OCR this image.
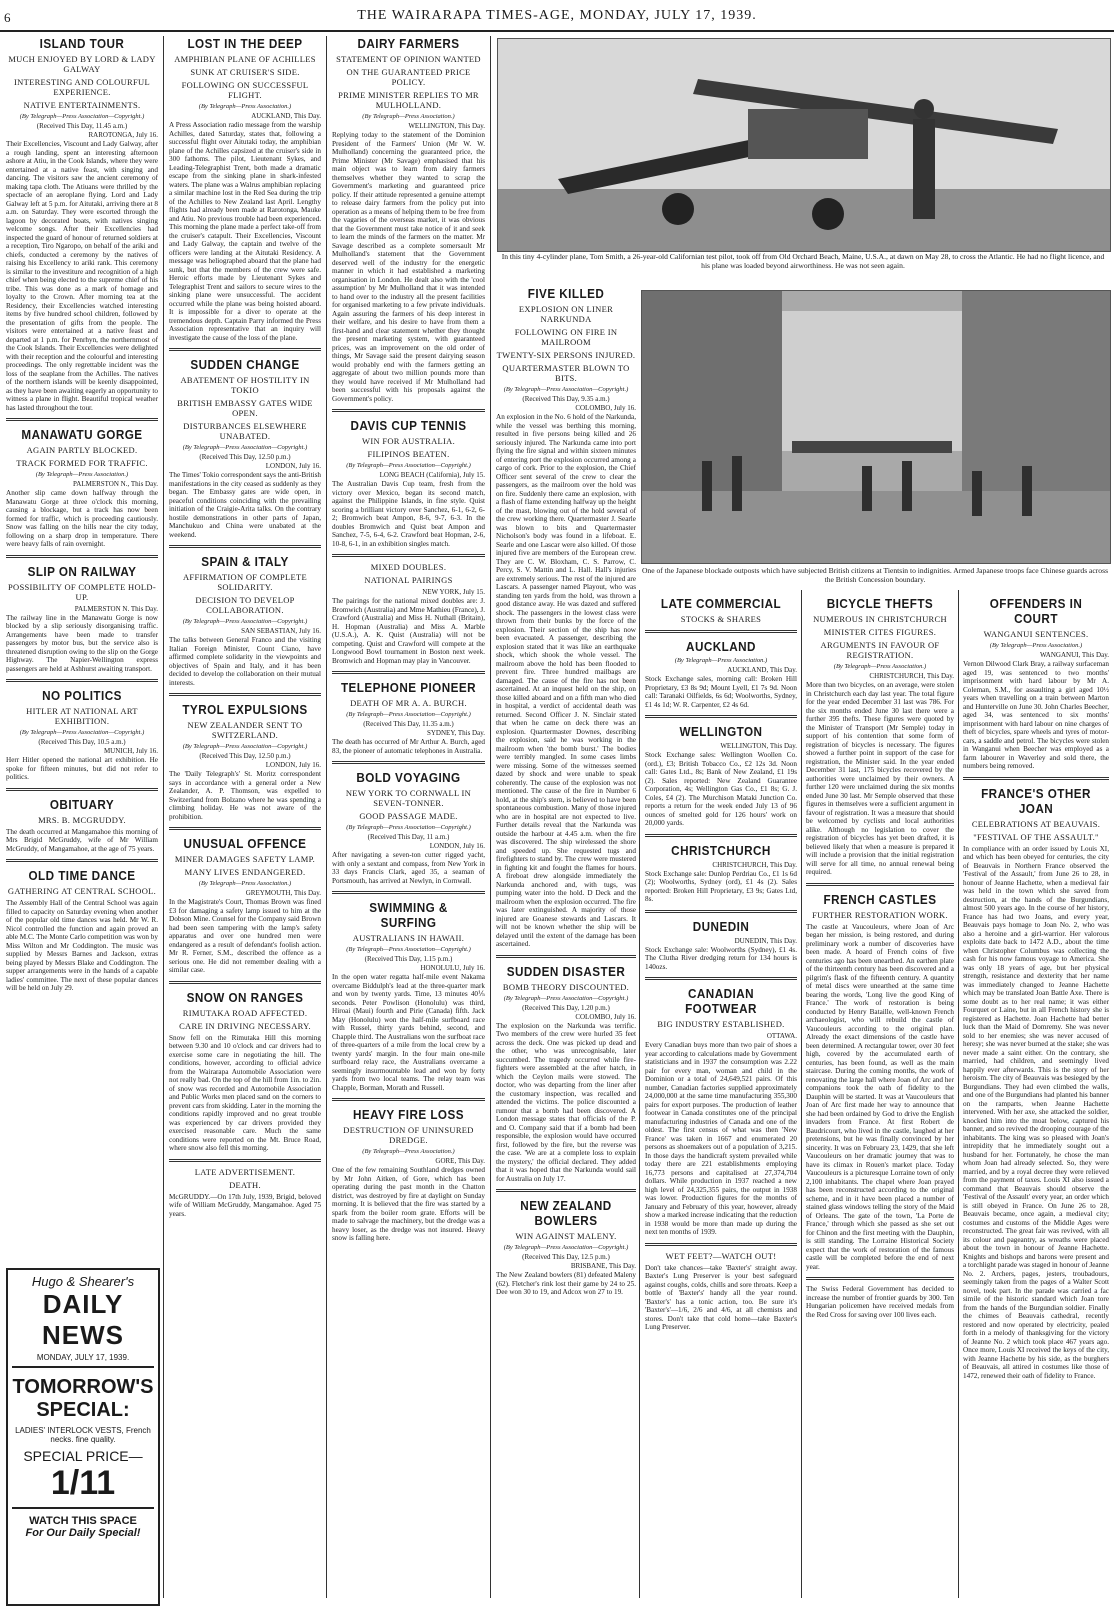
6	THE WAIRARAPA TIMES-AGE, MONDAY, JULY 17, 1939.
ISLAND TOUR
MUCH ENJOYED BY LORD & LADY GALWAY
INTERESTING AND COLOURFUL EXPERIENCE.
NATIVE ENTERTAINMENTS.
(By Telegraph—Press Association—Copyright.)
(Received This Day, 11.45 a.m.)
RAROTONGA, July 16.

Their Excellencies, Viscount and Lady Galway, after a rough landing, spent an interesting afternoon ashore at Atiu, in the Cook Islands, where they were entertained at a native feast, with singing and dancing. The visitors saw the ancient ceremony of making tapa cloth. The Atiuans were thrilled by the spectacle of an aeroplane flying. Lord and Lady Galway left at 5 p.m. for Aitutaki, arriving there at 8 a.m. on Saturday. They were escorted through the lagoon by decorated boats, with natives singing welcome songs. After their Excellencies had inspected the guard of honour of returned soldiers at a reception, Tiro Ngaropo, on behalf of the ariki and chiefs, conducted a ceremony by the natives of raising his Excellency to ariki rank. This ceremony is similar to the investiture and recognition of a high chief when being elected to the supreme chief of his tribe. This was done as a mark of homage and loyalty to the Crown. After morning tea at the Residency, their Excellencies watched interesting items by five hundred school children, followed by the presentation of gifts from the people. The visitors were entertained at a native feast and departed at 1 p.m. for Penrhyn, the northernmost of the Cook Islands. Their Excellencies were delighted with their reception and the colourful and interesting proceedings. The only regrettable incident was the loss of the seaplane from the Achilles. The natives of the northern islands will be keenly disappointed, as they have been awaiting eagerly an opportunity to witness a plane in flight. Beautiful tropical weather has lasted throughout the tour.

MANAWATU GORGE
AGAIN PARTLY BLOCKED.
TRACK FORMED FOR TRAFFIC.
(By Telegraph—Press Association.)
PALMERSTON N., This Day.

Another slip came down halfway through the Manawatu Gorge at three o'clock this morning, causing a blockage, but a track has now been formed for traffic, which is proceeding cautiously. Snow was falling on the hills near the city today, following on a sharp drop in temperature. There were heavy falls of rain overnight.

SLIP ON RAILWAY
POSSIBILITY OF COMPLETE HOLD-UP.
PALMERSTON N. This Day.

The railway line in the Manawatu Gorge is now blocked by a slip seriously disorganising traffic. Arrangements have been made to transfer passengers by motor bus, but the service also is threatened disruption owing to the slip on the Gorge Highway. The Napier-Wellington express passengers are held at Ashhurst awaiting transport.

NO POLITICS
HITLER AT NATIONAL ART EXHIBITION.
(By Telegraph—Press Association—Copyright.)
(Received This Day, 10.5 a.m.)
MUNICH, July 16.

Herr Hitler opened the national art exhibition. He spoke for fifteen minutes, but did not refer to politics.

OBITUARY
MRS. B. MCGRUDDY.

The death occurred at Mangamahoe this morning of Mrs Brigid McGruddy, wife of Mr William McGruddy, of Mangamahoe, at the age of 75 years.

OLD TIME DANCE
GATHERING AT CENTRAL SCHOOL.

The Assembly Hall of the Central School was again filled to capacity on Saturday evening when another of the popular old time dances was held. Mr W. R. Nicol controlled the function and again proved an able M.C. The Monte Carlo competition was won by Miss Wilton and Mr Coddington. The music was supplied by Messrs Barnes and Jackson, extras being played by Messrs Blake and Coddington. The supper arrangements were in the hands of a capable ladies' committee. The next of these popular dances will be held on July 29.

Hugo & Shearer's
DAILY NEWS
MONDAY, JULY 17, 1939.
TOMORROW'S SPECIAL:
LADIES' INTERLOCK VESTS, French necks. fine quality.
SPECIAL PRICE—
1/11
WATCH THIS SPACE
For Our Daily Special!
LOST IN THE DEEP
AMPHIBIAN PLANE OF ACHILLES
SUNK AT CRUISER'S SIDE.
FOLLOWING ON SUCCESSFUL FLIGHT.
(By Telegraph—Press Association.)
AUCKLAND, This Day.

A Press Association radio message from the warship Achilles, dated Saturday, states that, following a successful flight over Aitutaki today, the amphibian plane of the Achilles capsized at the cruiser's side in 300 fathoms. The pilot, Lieutenant Sykes, and Leading-Telegraphist Trent, both made a dramatic escape from the sinking plane in shark-infested waters. The plane was a Walrus amphibian replacing a similar machine lost in the Red Sea during the trip of the Achilles to New Zealand last April. Lengthy flights had already been made at Rarotonga, Mauke and Atiu. No previous trouble had been experienced. This morning the plane made a perfect take-off from the cruiser's catapult. Their Excellencies, Viscount and Lady Galway, the captain and twelve of the officers were landing at the Aitutaki Residency. A message was heliographed aboard that the plane had sunk, but that the members of the crew were safe. Heroic efforts made by Lieutenant Sykes and Telegraphist Trent and sailors to secure wires to the sinking plane were unsuccessful. The accident occurred while the plane was being hoisted aboard. It is impossible for a diver to operate at the tremendous depth. Captain Parry informed the Press Association representative that an inquiry will investigate the cause of the loss of the plane.

SUDDEN CHANGE
ABATEMENT OF HOSTILITY IN TOKIO
BRITISH EMBASSY GATES WIDE OPEN.
DISTURBANCES ELSEWHERE UNABATED.
(By Telegraph—Press Association—Copyright.)
(Received This Day, 12.50 p.m.)
LONDON, July 16.

The Times' Tokio correspondent says the anti-British manifestations in the city ceased as suddenly as they began. The Embassy gates are wide open, in peaceful conditions coinciding with the prevailing initiation of the Craigie-Arita talks. On the contrary hostile demonstrations in other parts of Japan, Manchukuo and China were unabated at the weekend.

SPAIN & ITALY
AFFIRMATION OF COMPLETE SOLIDARITY.
DECISION TO DEVELOP COLLABORATION.
(By Telegraph—Press Association—Copyright.)
SAN SEBASTIAN, July 16.

The talks between General Franco and the visiting Italian Foreign Minister, Count Ciano, have affirmed complete solidarity in the viewpoints and objectives of Spain and Italy, and it has been decided to develop the collaboration on their mutual interests.

TYROL EXPULSIONS
NEW ZEALANDER SENT TO SWITZERLAND.
(By Telegraph—Press Association—Copyright.)
(Received This Day, 12.50 p.m.)
LONDON, July 16.

The 'Daily Telegraph's' St. Moritz correspondent says in accordance with a general order a New Zealander, A. P. Thomson, was expelled to Switzerland from Bolzano where he was spending a climbing holiday. He was not aware of the prohibition.

UNUSUAL OFFENCE
MINER DAMAGES SAFETY LAMP.
MANY LIVES ENDANGERED.
(By Telegraph—Press Association.)
GREYMOUTH, This Day.

In the Magistrate's Court, Thomas Brown was fined £3 for damaging a safety lamp issued to him at the Dobson Mine. Counsel for the Company said Brown had been seen tampering with the lamp's safety apparatus and over one hundred men were endangered as a result of defendant's foolish action. Mr R. Ferner, S.M., described the offence as a serious one. He did not remember dealing with a similar case.

SNOW ON RANGES
RIMUTAKA ROAD AFFECTED.
CARE IN DRIVING NECESSARY.

Snow fell on the Rimutaka Hill this morning between 9.30 and 10 o'clock and car drivers had to exercise some care in negotiating the hill. The conditions, however, according to official advice from the Wairarapa Automobile Association were not really bad. On the top of the hill from 1in. to 2in. of snow was recorded and Automobile Association and Public Works men placed sand on the corners to prevent cars from skidding. Later in the morning the conditions rapidly improved and no great trouble was experienced by car drivers provided they exercised reasonable care. Much the same conditions were reported on the Mt. Bruce Road, where snow also fell this morning.

LATE ADVERTISEMENT.
DEATH.

McGRUDDY.—On 17th July, 1939, Brigid, beloved wife of William McGruddy, Mangamahoe. Aged 75 years.

DAIRY FARMERS
STATEMENT OF OPINION WANTED
ON THE GUARANTEED PRICE POLICY.
PRIME MINISTER REPLIES TO MR MULHOLLAND.
(By Telegraph—Press Association.)
WELLINGTON, This Day.

Replying today to the statement of the Dominion President of the Farmers' Union (Mr W. W. Mulholland) concerning the guaranteed price, the Prime Minister (Mr Savage) emphasised that his main object was to learn from dairy farmers themselves whether they wanted to scrap the Government's marketing and guaranteed price policy. If their attitude represented a genuine attempt to release dairy farmers from the policy put into operation as a means of helping them to be free from the vagaries of the overseas market, it was obvious that the Government must take notice of it and seek to learn the minds of the farmers on the matter. Mr Savage described as a complete somersault Mr Mulholland's statement that the Government deserved well of the industry for the energetic manner in which it had established a marketing organisation in London. He dealt also with the 'cool assumption' by Mr Mulholland that it was intended to hand over to the industry all the present facilities for organised marketing to a few private individuals. Again assuring the farmers of his deep interest in their welfare, and his desire to have from them a first-hand and clear statement whether they thought the present marketing system, with guaranteed prices, was an improvement on the old order of things, Mr Savage said the present dairying season would probably end with the farmers getting an aggregate of about two million pounds more than they would have received if Mr Mulholland had been successful with his proposals against the Government's policy.

DAVIS CUP TENNIS
WIN FOR AUSTRALIA.
FILIPINOS BEATEN.
(By Telegraph—Press Association—Copyright.)
LONG BEACH (California), July 15.

The Australian Davis Cup team, fresh from the victory over Mexico, began its second match, against the Philippine Islands, in fine style. Quist scoring a brilliant victory over Sanchez, 6-1, 6-2, 6-2; Bromwich beat Ampon, 8-6, 9-7, 6-3. In the doubles Bromwich and Quist beat Ampon and Sanchez, 7-5, 6-4, 6-2. Crawford beat Hopman, 2-6, 10-8, 6-1, in an exhibition singles match.

MIXED DOUBLES.
NATIONAL PAIRINGS
NEW YORK, July 15.

The pairings for the national mixed doubles are: J. Bromwich (Australia) and Mme Mathieu (France), J. Crawford (Australia) and Miss H. Nuthall (Britain), H. Hopman (Australia) and Miss A. Marble (U.S.A.), A. K. Quist (Australia) will not be competing. Quist and Crawford will compete at the Longwood Bowl tournament in Boston next week. Bromwich and Hopman may play in Vancouver.

TELEPHONE PIONEER
DEATH OF MR A. A. BURCH.
(By Telegraph—Press Association—Copyright.)
(Received This Day, 11.35 a.m.)
SYDNEY, This Day.

The death has occurred of Mr Arthur A. Burch, aged 83, the pioneer of automatic telephones in Australia.

BOLD VOYAGING
NEW YORK TO CORNWALL IN SEVEN-TONNER.
GOOD PASSAGE MADE.
(By Telegraph—Press Association—Copyright.)
(Received This Day, 11 a.m.)
LONDON, July 16.

After navigating a seven-ton cutter rigged yacht, with only a sextant and compass, from New York in 33 days Francis Clark, aged 35, a seaman of Portsmouth, has arrived at Newlyn, in Cornwall.

SWIMMING & SURFING
AUSTRALIANS IN HAWAII.
(By Telegraph—Press Association—Copyright.)
(Received This Day, 1.15 p.m.)
HONOLULU, July 16.

In the open water regatta half-mile event Nakama overcame Biddulph's lead at the three-quarter mark and won by twenty yards. Time, 13 minutes 40⅕ seconds. Peter Powlison (Honolulu) was third, Hiroai (Maui) fourth and Pirie (Canada) fifth. Jack May (Honolulu) won the half-mile surfboard race with Russel, thirty yards behind, second, and Chapple third. The Australians won the surfboat race of three-quarters of a mile from the local crew by a twenty yards' margin. In the four main one-mile surfboard relay race, the Australians overcame a seemingly insurmountable lead and won by forty yards from two local teams. The relay team was Chapple, Borman, Morath and Russell.

HEAVY FIRE LOSS
DESTRUCTION OF UNINSURED DREDGE.
(By Telegraph—Press Association.)
GORE, This Day.

One of the few remaining Southland dredges owned by Mr John Aitken, of Gore, which has been operating during the past month in the Chatton district, was destroyed by fire at daylight on Sunday morning. It is believed that the fire was started by a spark from the boiler room grate. Efforts will be made to salvage the machinery, but the dredge was a heavy loser, as the dredge was not insured. Heavy snow is falling here.

In this tiny 4-cylinder plane, Tom Smith, a 26-year-old Californian test pilot, took off from Old Orchard Beach, Maine, U.S.A., at dawn on May 28, to cross the Atlantic. He had no flight licence, and his plane was loaded beyond airworthiness. He was not seen again.
One of the Japanese blockade outposts which have subjected British citizens at Tientsin to indignities. Armed Japanese troops face Chinese guards across the British Concession boundary.
FIVE KILLED
EXPLOSION ON LINER NARKUNDA
FOLLOWING ON FIRE IN MAILROOM
TWENTY-SIX PERSONS INJURED.
QUARTERMASTER BLOWN TO BITS.
(By Telegraph—Press Association—Copyright.)
(Received This Day, 9.35 a.m.)
COLOMBO, July 16.

An explosion in the No. 6 hold of the Narkunda, while the vessel was berthing this morning, resulted in five persons being killed and 26 seriously injured. The Narkunda came into port flying the fire signal and within sixteen minutes of entering port the explosion occurred among a cargo of cork. Prior to the explosion, the Chief Officer sent several of the crew to clear the passengers, as the mailroom over the hold was on fire. Suddenly there came an explosion, with a flash of flame extending halfway up the height of the mast, blowing out of the hold several of the crew working there. Quartermaster J. Searle was blown to bits and Quartermaster Nicholson's body was found in a lifeboat. E. Searle and one Lascar were also killed. Of those injured five are members of the European crew. They are C. W. Bloxham, C. S. Parrow, C. Percy, S. V. Mattin and L. Hall. Hall's injuries are extremely serious. The rest of the injured are Lascars. A passenger named Playout, who was standing ten yards from the hold, was thrown a good distance away. He was dazed and suffered shock. The passengers in the lowest class were thrown from their bunks by the force of the explosion. Their section of the ship has now been evacuated. A passenger, describing the explosion stated that it was like an earthquake shock, which shook the whole vessel. The mailroom above the hold has been flooded to prevent fire. Three hundred mailbags are damaged. The cause of the fire has not been ascertained. At an inquest held on the ship, on those killed aboard and on a fifth man who died in hospital, a verdict of accidental death was returned. Second Officer J. N. Sinclair stated that when he came on deck there was an explosion. Quartermaster Downes, describing the explosion, said he was working in the mailroom when 'the bomb burst.' The bodies were terribly mangled. In some cases limbs were missing. Some of the witnesses seemed dazed by shock and were unable to speak coherently. The cause of the explosion was not mentioned. The cause of the fire in Number 6 hold, at the ship's stern, is believed to have been spontaneous combustion. Many of those injured who are in hospital are not expected to live. Further details reveal that the Narkunda was outside the harbour at 4.45 a.m. when the fire was discovered. The ship wirelessed the shore and speeded up. She requested tugs and firefighters to stand by. The crew were mustered in fighting kit and fought the flames for hours. A fireboat drew alongside immediately the Narkunda anchored and, with tugs, was pumping water into the hold. D Deck and the mailroom when the explosion occurred. The fire was later extinguished. A majority of those injured are Goanese stewards and Lascars. It will not be known whether the ship will be delayed until the extent of the damage has been ascertained.

SUDDEN DISASTER
BOMB THEORY DISCOUNTED.
(By Telegraph—Press Association—Copyright.)
(Received This Day, 1.20 p.m.)
COLOMBO, July 16.

The explosion on the Narkunda was terrific. Two members of the crew were hurled 35 feet across the deck. One was picked up dead and the other, who was unrecognisable, later succumbed. The tragedy occurred while fire-fighters were assembled at the after hatch, in which the Ceylon mails were stowed. The doctor, who was departing from the liner after the customary inspection, was recalled and attended the victims. The police discounted a rumour that a bomb had been discovered. A London message states that officials of the P. and O. Company said that if a bomb had been responsible, the explosion would have occurred first, followed by the fire, but the reverse was the case. 'We are at a complete loss to explain the mystery,' the official declared. They added that it was hoped that the Narkunda would sail for Australia on July 17.

NEW ZEALAND BOWLERS
WIN AGAINST MALENY.
(By Telegraph—Press Association—Copyright.)
(Received This Day, 12.5 p.m.)
BRISBANE, This Day.

The New Zealand bowlers (81) defeated Maleny (62). Fletcher's rink lost their game by 24 to 25. Dee won 30 to 19, and Adcox won 27 to 19.

LATE COMMERCIAL
STOCKS & SHARES
AUCKLAND
(By Telegraph—Press Association.)
AUCKLAND, This Day.

Stock Exchange sales, morning call: Broken Hill Proprietary, £3 8s 9d; Mount Lyell, £1 7s 9d. Noon call: Taranaki Oilfields, 6s 6d; Woolworths, Sydney, £1 4s 1d; W. R. Carpenter, £2 4s 6d.

WELLINGTON
WELLINGTON, This Day.

Stock Exchange sales: Wellington Woollen Co. (ord.), £3; British Tobacco Co., £2 12s 3d. Noon call: Gates Ltd., 8s; Bank of New Zealand, £1 19s (2). Sales reported: New Zealand Guarantee Corporation, 4s; Wellington Gas Co., £1 8s; G. J. Coles, £4 (2). The Murchison Mataki Junction Co. reports a return for the week ended July 13 of 96 ounces of smelted gold for 126 hours' work on 20,000 yards.

CHRISTCHURCH
CHRISTCHURCH, This Day.

Stock Exchange sale: Dunlop Perdriau Co., £1 1s 6d (2); Woolworths, Sydney (ord), £1 4s (2). Sales reported: Broken Hill Proprietary, £3 9s; Gates Ltd, 8s.

DUNEDIN
DUNEDIN, This Day.

Stock Exchange sale: Woolworths (Sydney), £1 4s. The Clutha River dredging return for 134 hours is 140ozs.

CANADIAN FOOTWEAR
BIG INDUSTRY ESTABLISHED.
OTTAWA.

Every Canadian buys more than two pair of shoes a year according to calculations made by Government statisticians and in 1937 the consumption was 2.22 pair for every man, woman and child in the Dominion or a total of 24,649,521 pairs. Of this number, Canadian factories supplied approximately 24,000,000 at the same time manufacturing 355,300 pairs for export purposes. The production of leather footwear in Canada constitutes one of the principal manufacturing industries of Canada and one of the oldest. The first census of what was then 'New France' was taken in 1667 and enumerated 20 persons as shoemakers out of a population of 3,215. In those days the handicraft system prevailed while today there are 221 establishments employing 16,773 persons and capitalised at 27,374,704 dollars. While production in 1937 reached a new high level of 24,325,355 pairs, the output in 1938 was lower. Production figures for the months of January and February of this year, however, already show a marked increase indicating that the reduction in 1938 would be more than made up during the next ten months of 1939.

WET FEET?—WATCH OUT!

Don't take chances—take 'Baxter's' straight away. Baxter's Lung Preserver is your best safeguard against coughs, colds, chills and sore throats. Keep a bottle of 'Baxter's' handy all the year round. 'Baxter's' has a tonic action, too. Be sure it's 'Baxter's'—1/6, 2/6 and 4/6, at all chemists and stores. Don't take that cold home—take Baxter's Lung Preserver.

BICYCLE THEFTS
NUMEROUS IN CHRISTCHURCH
MINISTER CITES FIGURES.
ARGUMENTS IN FAVOUR OF REGISTRATION.
(By Telegraph—Press Association.)
CHRISTCHURCH, This Day.

More than two bicycles, on an average, were stolen in Christchurch each day last year. The total figure for the year ended December 31 last was 786. For the six months ended June 30 last there were a further 395 thefts. These figures were quoted by the Minister of Transport (Mr Semple) today in support of his contention that some form of registration of bicycles is necessary. The figures showed a further point in support of the case for registration, the Minister said. In the year ended December 31 last, 175 bicycles recovered by the authorities were unclaimed by their owners. A further 120 were unclaimed during the six months ended June 30 last. Mr Semple observed that these figures in themselves were a sufficient argument in favour of registration. It was a measure that should be welcomed by cyclists and local authorities alike. Although no legislation to cover the registration of bicycles has yet been drafted, it is believed likely that when a measure is prepared it will include a provision that the initial registration will serve for all time, no annual renewal being required.

FRENCH CASTLES
FURTHER RESTORATION WORK.

The castle at Vaucouleurs, where Joan of Arc began her mission, is being restored, and during preliminary work a number of discoveries have been made. A hoard of French coins of five centuries ago has been unearthed. An earthen plate of the thirteenth century has been discovered and a pilgrim's flask of the fifteenth century. A quantity of metal discs were unearthed at the same time bearing the words, 'Long live the good King of France.' The work of restoration is being conducted by Henry Bataille, well-known French archaeologist, who will rebuild the castle of Vaucouleurs according to the original plan. Already the exact dimensions of the castle have been determined. A rectangular tower, over 30 feet high, covered by the accumulated earth of centuries, has been found, as well as the main staircase. During the coming months, the work of renovating the large hall where Joan of Arc and her companions took the oath of fidelity to the Dauphin will be started. It was at Vaucouleurs that Joan of Arc first made her way to announce that she had been ordained by God to drive the English invaders from France. At first Robert de Baudricourt, who lived in the castle, laughed at her pretensions, but he was finally convinced by her sincerity. It was on February 23, 1429, that she left Vaucouleurs on her dramatic journey that was to have its climax in Rouen's market place. Today Vaucouleurs is a picturesque Lorraine town of only 2,100 inhabitants. The chapel where Joan prayed has been reconstructed according to the original scheme, and in it have been placed a number of stained glass windows telling the story of the Maid of Orleans. The gate of the town, 'La Porte de France,' through which she passed as she set out for Chinon and the first meeting with the Dauphin, is still standing. The Lorraine Historical Society expect that the work of restoration of the famous castle will be completed before the end of next year.

The Swiss Federal Government has decided to increase the number of frontier guards by 300. Ten Hungarian policemen have received medals from the Red Cross for saving over 100 lives each.

OFFENDERS IN COURT
WANGANUI SENTENCES.
(By Telegraph—Press Association.)
WANGANUI, This Day.

Vernon Dilwood Clark Bray, a railway surfaceman aged 19, was sentenced to two months' imprisonment with hard labour by Mr A. Coleman, S.M., for assaulting a girl aged 10½ years when travelling on a train between Marton and Hunterville on June 30. John Charles Beecher, aged 34, was sentenced to six months' imprisonment with hard labour on nine charges of theft of bicycles, spare wheels and tyres of motor-cars, a saddle and petrol. The bicycles were stolen in Wanganui when Beecher was employed as a farm labourer in Waverley and sold there, the numbers being removed.

FRANCE'S OTHER JOAN
CELEBRATIONS AT BEAUVAIS.
"FESTIVAL OF THE ASSAULT."

In compliance with an order issued by Louis XI, and which has been obeyed for centuries, the city of Beauvais in Northern France observed the 'Festival of the Assault,' from June 26 to 28, in honour of Jeanne Hachette, when a medieval fair was held in the town which she saved from destruction, at the hands of the Burgundians, almost 500 years ago. In the course of her history, France has had two Joans, and every year, Beauvais pays homage to Joan No. 2, who was also a heroine and a girl-warrior. Her valorous exploits date back to 1472 A.D., about the time when Christopher Columbus was collecting the cash for his now famous voyage to America. She was only 18 years of age, but her physical strength, resistance and dexterity that her name was immediately changed to Jeanne Hachette which may be translated Joan Battle Axe. There is some doubt as to her real name; it was either Fourquet or Laine, but in all French history she is registered as Hachette. Joan Hachette had better luck than the Maid of Domremy. She was never sold to her enemies; she was never accused of heresy; she was never burned at the stake; she was never made a saint either. On the contrary, she married, had children, and seemingly lived happily ever afterwards. This is the story of her heroism. The city of Beauvais was besieged by the Burgundians. They had even climbed the walls, and one of the Burgundians had planted his banner on the ramparts, when Jeanne Hachette intervened. With her axe, she attacked the soldier, knocked him into the moat below, captured his banner, and so revived the drooping courage of the inhabitants. The king was so pleased with Joan's intrepidity that he immediately sought out a husband for her. Fortunately, he chose the man whom Joan had already selected. So, they were married, and by a royal decree they were relieved from the payment of taxes. Louis XI also issued a command that Beauvais should observe the 'Festival of the Assault' every year, an order which is still obeyed in France. On June 26 to 28, Beauvais became, once again, a medieval city; costumes and customs of the Middle Ages were reconstructed. The great fair was revived, with all its colour and pageantry, as wreaths were placed about the town in honour of Jeanne Hachette. Knights and bishops and barons were present and a torchlight parade was staged in honour of Jeanne No. 2. Archers, pages, jesters, troubadours, seemingly taken from the pages of a Walter Scott novel, took part. In the parade was carried a fac simile of the historic standard which Joan tore from the hands of the Burgundian soldier. Finally the chimes of Beauvais cathedral, recently restored and now operated by electricity, pealed forth in a melody of thanksgiving for the victory of Jeanne No. 2 which took place 467 years ago. Once more, Louis XI received the keys of the city, with Jeanne Hachette by his side, as the burghers of Beauvais, all attired in costumes like those of 1472, renewed their oath of fidelity to France.
